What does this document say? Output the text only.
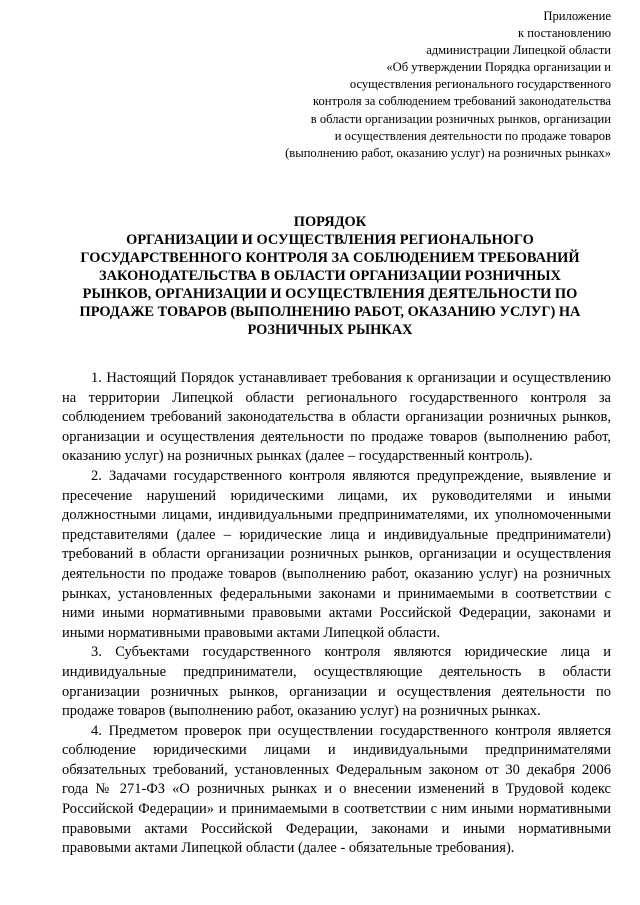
Приложение
к постановлению
администрации Липецкой области
«Об утверждении Порядка организации и
осуществления регионального государственного
контроля за соблюдением требований законодательства
в области организации розничных рынков, организации
и осуществления деятельности по продаже товаров
(выполнению работ, оказанию услуг) на розничных рынках»
ПОРЯДОК
ОРГАНИЗАЦИИ И ОСУЩЕСТВЛЕНИЯ РЕГИОНАЛЬНОГО
ГОСУДАРСТВЕННОГО КОНТРОЛЯ ЗА СОБЛЮДЕНИЕМ ТРЕБОВАНИЙ
ЗАКОНОДАТЕЛЬСТВА В ОБЛАСТИ ОРГАНИЗАЦИИ РОЗНИЧНЫХ
РЫНКОВ, ОРГАНИЗАЦИИ И ОСУЩЕСТВЛЕНИЯ ДЕЯТЕЛЬНОСТИ ПО
ПРОДАЖЕ ТОВАРОВ (ВЫПОЛНЕНИЮ РАБОТ, ОКАЗАНИЮ УСЛУГ) НА
РОЗНИЧНЫХ РЫНКАХ

1. Настоящий Порядок устанавливает требования к организации и осуществлению на территории Липецкой области регионального государственного контроля за соблюдением требований законодательства в области организации розничных рынков, организации и осуществления деятельности по продаже товаров (выполнению работ, оказанию услуг) на розничных рынках (далее – государственный контроль).

2. Задачами государственного контроля являются предупреждение, выявление и пресечение нарушений юридическими лицами, их руководителями и иными должностными лицами, индивидуальными предпринимателями, их уполномоченными представителями (далее – юридические лица и индивидуальные предприниматели) требований в области организации розничных рынков, организации и осуществления деятельности по продаже товаров (выполнению работ, оказанию услуг) на розничных рынках, установленных федеральными законами и принимаемыми в соответствии с ними иными нормативными правовыми актами Российской Федерации, законами и иными нормативными правовыми актами Липецкой области.

3. Субъектами государственного контроля являются юридические лица и индивидуальные предприниматели, осуществляющие деятельность в области организации розничных рынков, организации и осуществления деятельности по продаже товаров (выполнению работ, оказанию услуг) на розничных рынках.

4. Предметом проверок при осуществлении государственного контроля является соблюдение юридическими лицами и индивидуальными предпринимателями обязательных требований, установленных Федеральным законом от 30 декабря 2006 года № 271-ФЗ «О розничных рынках и о внесении изменений в Трудовой кодекс Российской Федерации» и принимаемыми в соответствии с ним иными нормативными правовыми актами Российской Федерации, законами и иными нормативными правовыми актами Липецкой области (далее - обязательные требования).
